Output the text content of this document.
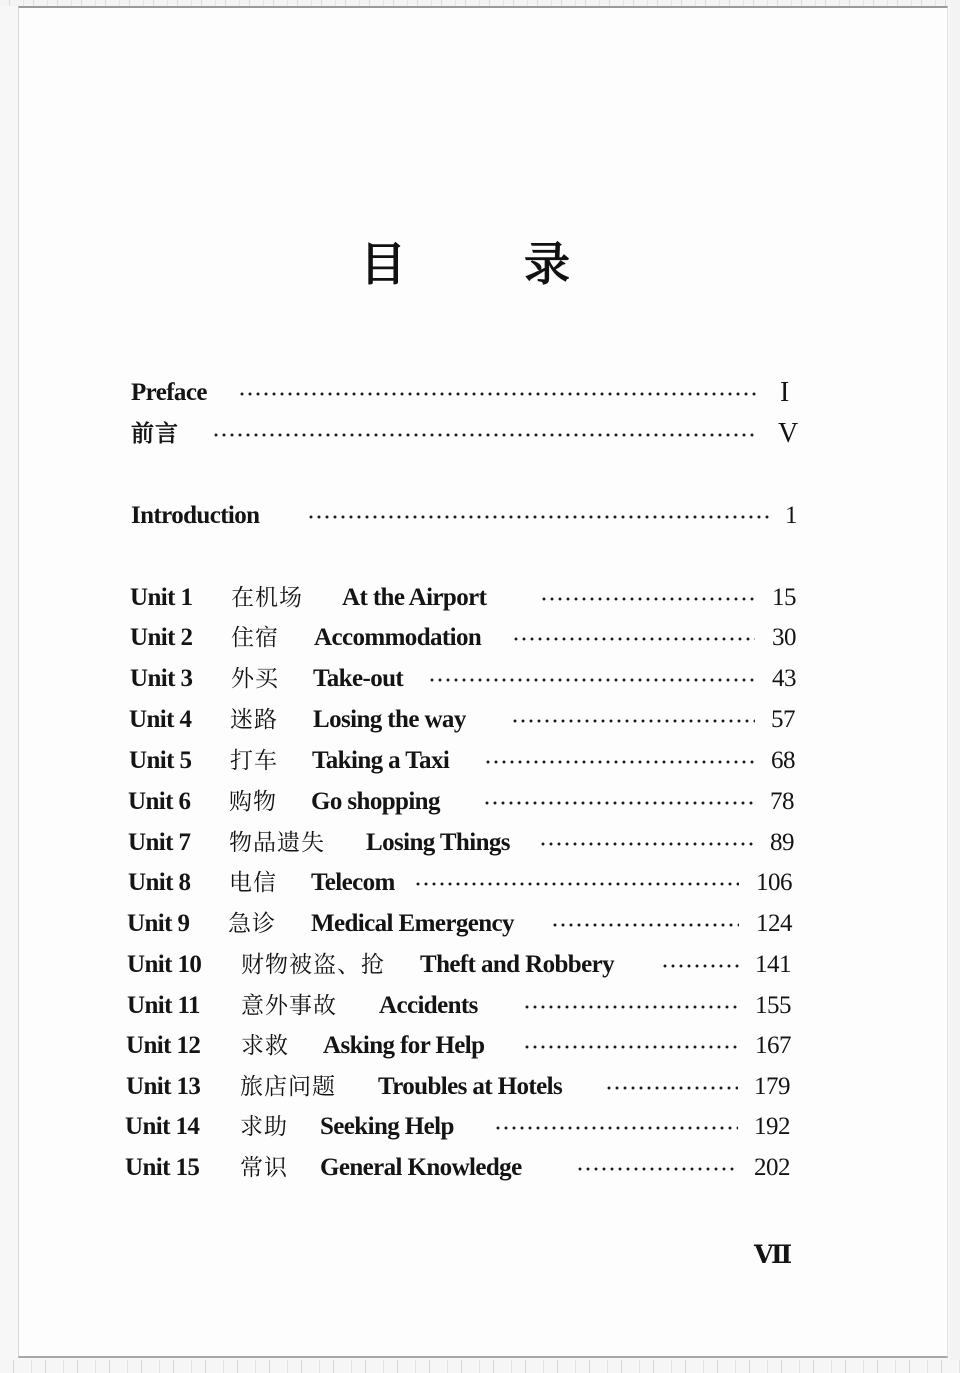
目	录
Preface	I
前言	V
Introduction	1
Unit 1 在机场 At the Airport	15
Unit 2 住宿 Accommodation	30
Unit 3 外买 Take-out	43
Unit 4 迷路 Losing the way	57
Unit 5 打车 Taking a Taxi	68
Unit 6 购物 Go shopping	78
Unit 7 物品遗失 Losing Things	89
Unit 8 电信 Telecom	106
Unit 9 急诊 Medical Emergency	124
Unit 10 财物被盗、抢 Theft and Robbery	141
Unit 11 意外事故 Accidents	155
Unit 12 求救 Asking for Help	167
Unit 13 旅店问题 Troubles at Hotels	179
Unit 14 求助 Seeking Help	192
Unit 15 常识 General Knowledge	202
Ⅶ
